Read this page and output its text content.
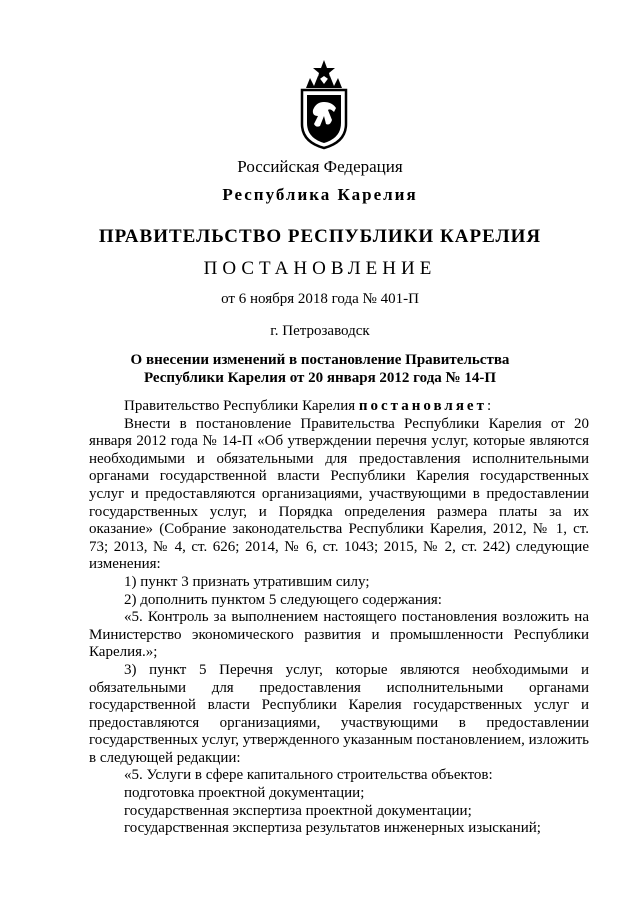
Российская Федерация
Республика Карелия
ПРАВИТЕЛЬСТВО РЕСПУБЛИКИ КАРЕЛИЯ
ПОСТАНОВЛЕНИЕ
от 6 ноября 2018 года № 401-П
г. Петрозаводск
О внесении изменений в постановление Правительства
Республики Карелия от 20 января 2012 года № 14-П

Правительство Республики Карелия постановляет:

Внести в постановление Правительства Республики Карелия от 20 января 2012 года № 14-П «Об утверждении перечня услуг, которые являются необходимыми и обязательными для предоставления исполнительными органами государственной власти Республики Карелия государственных услуг и предоставляются организациями, участвующими в предоставлении государственных услуг, и Порядка определения размера платы за их оказание» (Собрание законодательства Республики Карелия, 2012, № 1, ст. 73; 2013, № 4, ст. 626; 2014, № 6, ст. 1043; 2015, № 2, ст. 242) следующие изменения:

1) пункт 3 признать утратившим силу;

2) дополнить пунктом 5 следующего содержания:

«5. Контроль за выполнением настоящего постановления возложить на Министерство экономического развития и промышленности Республики Карелия.»;

3) пункт 5 Перечня услуг, которые являются необходимыми и обязательными для предоставления исполнительными органами государственной власти Республики Карелия государственных услуг и предоставляются организациями, участвующими в предоставлении государственных услуг, утвержденного указанным постановлением, изложить в следующей редакции:

«5. Услуги в сфере капитального строительства объектов:

подготовка проектной документации;

государственная экспертиза проектной документации;

государственная экспертиза результатов инженерных изысканий;
